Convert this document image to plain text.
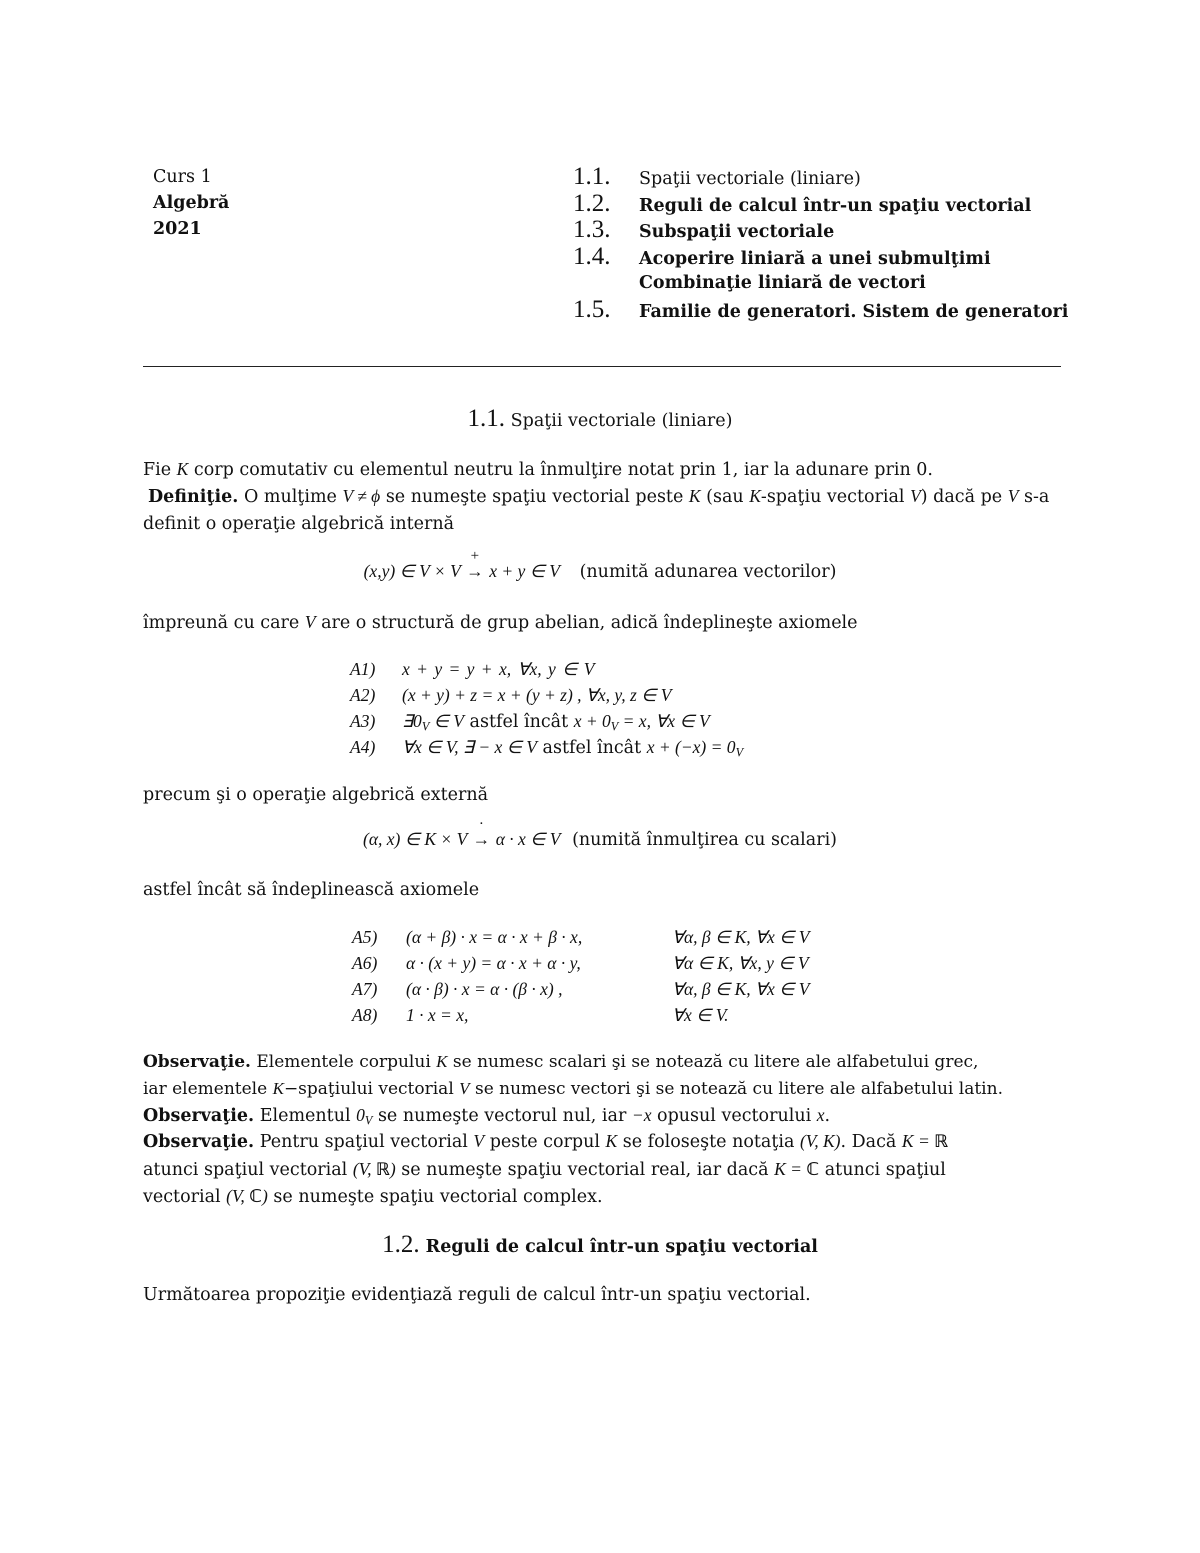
Curs 1
Algebră
2021
1.1. Spaţii vectoriale (liniare)
1.2. Reguli de calcul într-un spaţiu vectorial
1.3. Subspaţii vectoriale
1.4. Acoperire liniară a unei submulţimi
Combinaţie liniară de vectori
1.5. Familie de generatori. Sistem de generatori
1.1. Spaţii vectoriale (liniare)
Fie K corp comutativ cu elementul neutru la înmulţire notat prin 1, iar la adunare prin 0.
Definiţie. O mulţime V ≠ ϕ se numeşte spaţiu vectorial peste K (sau K-spaţiu vectorial V) dacă pe V s-a definit o operaţie algebrică internă
(x,y) ∈ V × V
+
→ x + y ∈ V (numită adunarea vectorilor)
împreună cu care V are o structură de grup abelian, adică îndeplineşte axiomele
A1) x + y = y + x, ∀x, y ∈ V
A2) (x + y) + z = x + (y + z) , ∀x, y, z ∈ V
A3) $\exists 0_V$ ∈ V astfel încât $x + 0_V = x$, ∀x ∈ V
A4) ∀x ∈ V, ∃ − x ∈ V astfel încât $x + (-x) = 0_V$
precum şi o operaţie algebrică externă
(α, x) ∈ K × V
·
→ α · x ∈ V (numită înmulţirea cu scalari)
astfel încât să îndeplinească axiomele
A5) (α + β) · x = α · x + β · x,	∀α, β ∈ K, ∀x ∈ V
A6) α · (x + y) = α · x + α · y,	∀α ∈ K, ∀x, y ∈ V
A7) (α · β) · x = α · (β · x) ,	∀α, β ∈ K, ∀x ∈ V
A8) 1 · x = x,	∀x ∈ V.
Observaţie. Elementele corpului K se numesc scalari şi se notează cu litere ale alfabetului grec,
iar elementele K−spaţiului vectorial V se numesc vectori şi se notează cu litere ale alfabetului latin.
Observaţie. Elementul $0_V$ se numeşte vectorul nul, iar −x opusul vectorului x.
Observaţie. Pentru spaţiul vectorial V peste corpul K se foloseşte notaţia (V, K). Dacă K = ℝ
atunci spaţiul vectorial (V, ℝ) se numeşte spaţiu vectorial real, iar dacă K = ℂ atunci spaţiul
vectorial (V, ℂ) se numeşte spaţiu vectorial complex.
1.2. Reguli de calcul într-un spaţiu vectorial
Următoarea propoziţie evidenţiază reguli de calcul într-un spaţiu vectorial.
